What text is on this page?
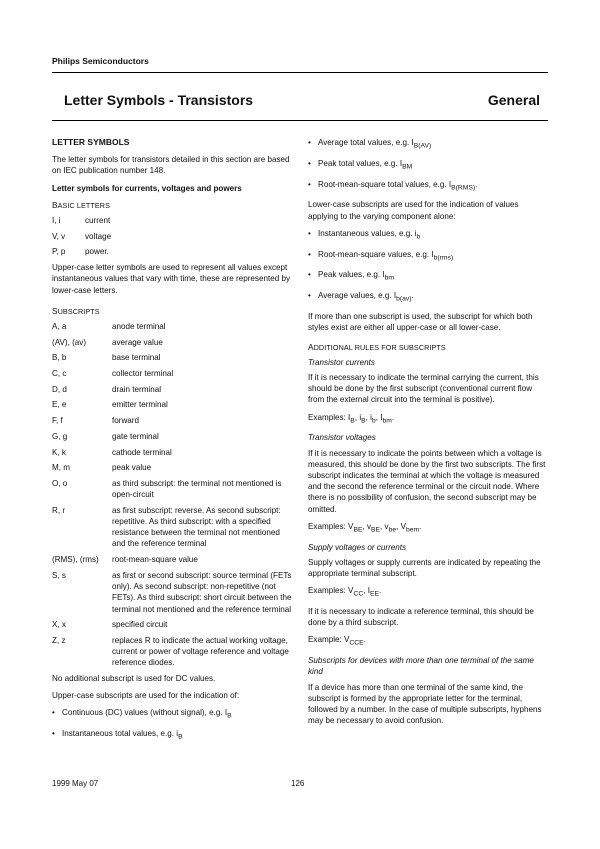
Philips Semiconductors
Letter Symbols - Transistors	General
LETTER SYMBOLS

The letter symbols for transistors detailed in this section are based on IEC publication number 148.

Letter symbols for currents, voltages and powers
BASIC LETTERS
I, i	current
V, v	voltage
P, p	power.

Upper-case letter symbols are used to represent all values except instantaneous values that vary with time, these are represented by lower-case letters.

SUBSCRIPTS
A, a	anode terminal
(AV), (av)	average value
B, b	base terminal
C, c	collector terminal
D, d	drain terminal
E, e	emitter terminal
F, f	forward
G, g	gate terminal
K, k	cathode terminal
M, m	peak value
O, o	as third subscript: the terminal not mentioned is open-circuit
R, r	as first subscript: reverse. As second subscript: repetitive. As third subscript: with a specified resistance between the terminal not mentioned and the reference terminal
(RMS), (rms)	root-mean-square value
S, s	as first or second subscript: source terminal (FETs only). As second subscript: non-repetitive (not FETs). As third subscript: short circuit between the terminal not mentioned and the reference terminal
X, x	specified circuit
Z, z	replaces R to indicate the actual working voltage, current or power of voltage reference and voltage reference diodes.

No additional subscript is used for DC values.

Upper-case subscripts are used for the indication of:

• Continuous (DC) values (without signal), e.g. $I_B$
• Instantaneous total values, e.g. $i_B$
• Average total values, e.g. $I_{B(AV)}$
• Peak total values, e.g. $I_{BM}$
• Root-mean-square total values, e.g. $I_{B(RMS)}$.

Lower-case subscripts are used for the indication of values applying to the varying component alone:

• Instantaneous values, e.g. $i_b$
• Root-mean-square values, e.g. $I_{b(rms)}$
• Peak values, e.g. $I_{bm}$
• Average values, e.g. $I_{b(av)}$.

If more than one subscript is used, the subscript for which both styles exist are either all upper-case or all lower-case.

ADDITIONAL RULES FOR SUBSCRIPTS
Transistor currents

If it is necessary to indicate the terminal carrying the current, this should be done by the first subscript (conventional current flow from the external circuit into the terminal is positive).

Examples: $I_B$, $i_B$, $i_b$, $I_{bm}$.

Transistor voltages

If it is necessary to indicate the points between which a voltage is measured, this should be done by the first two subscripts. The first subscript indicates the terminal at which the voltage is measured and the second the reference terminal or the circuit node. Where there is no possibility of confusion, the second subscript may be omitted.

Examples: $V_{BE}$, $v_{BE}$, $v_{be}$, $V_{bem}$.

Supply voltages or currents

Supply voltages or supply currents are indicated by repeating the appropriate terminal subscript.

Examples: $V_{CC}$, $I_{EE}$.

If it is necessary to indicate a reference terminal, this should be done by a third subscript.

Example: $V_{CCE}$.

Subscripts for devices with more than one terminal of the same kind

If a device has more than one terminal of the same kind, the subscript is formed by the appropriate letter for the terminal, followed by a number. In the case of multiple subscripts, hyphens may be necessary to avoid confusion.

1999 May 07	126
